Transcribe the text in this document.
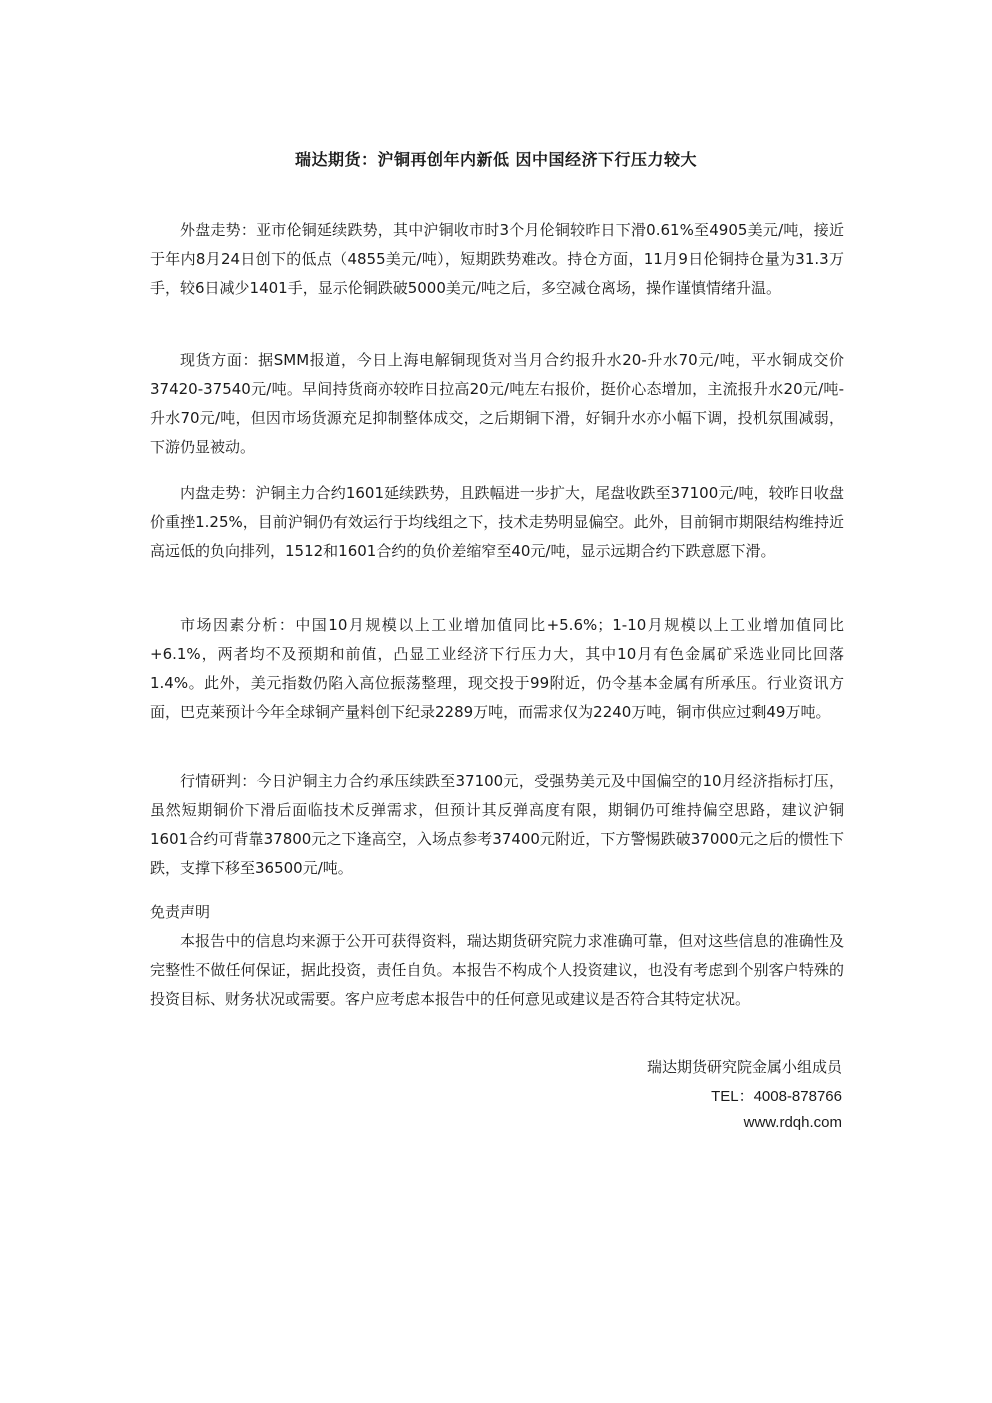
瑞达期货：沪铜再创年内新低 因中国经济下行压力较大

外盘走势：亚市伦铜延续跌势，其中沪铜收市时3个月伦铜较昨日下滑0.61%至4905美元/吨，接近于年内8月24日创下的低点（4855美元/吨），短期跌势难改。持仓方面，11月9日伦铜持仓量为31.3万手，较6日减少1401手，显示伦铜跌破5000美元/吨之后，多空减仓离场，操作谨慎情绪升温。

现货方面：据SMM报道，今日上海电解铜现货对当月合约报升水20-升水70元/吨，平水铜成交价37420-37540元/吨。早间持货商亦较昨日拉高20元/吨左右报价，挺价心态增加，主流报升水20元/吨-升水70元/吨，但因市场货源充足抑制整体成交，之后期铜下滑，好铜升水亦小幅下调，投机氛围减弱，下游仍显被动。

内盘走势：沪铜主力合约1601延续跌势，且跌幅进一步扩大，尾盘收跌至37100元/吨，较昨日收盘价重挫1.25%，目前沪铜仍有效运行于均线组之下，技术走势明显偏空。此外，目前铜市期限结构维持近高远低的负向排列，1512和1601合约的负价差缩窄至40元/吨，显示远期合约下跌意愿下滑。

市场因素分析：中国10月规模以上工业增加值同比+5.6%；1-10月规模以上工业增加值同比+6.1%，两者均不及预期和前值，凸显工业经济下行压力大，其中10月有色金属矿采选业同比回落1.4%。此外，美元指数仍陷入高位振荡整理，现交投于99附近，仍令基本金属有所承压。行业资讯方面，巴克莱预计今年全球铜产量料创下纪录2289万吨，而需求仅为2240万吨，铜市供应过剩49万吨。

行情研判：今日沪铜主力合约承压续跌至37100元，受强势美元及中国偏空的10月经济指标打压，虽然短期铜价下滑后面临技术反弹需求，但预计其反弹高度有限，期铜仍可维持偏空思路，建议沪铜1601合约可背靠37800元之下逢高空，入场点参考37400元附近，下方警惕跌破37000元之后的惯性下跌，支撑下移至36500元/吨。

免责声明

本报告中的信息均来源于公开可获得资料，瑞达期货研究院力求准确可靠，但对这些信息的准确性及完整性不做任何保证，据此投资，责任自负。本报告不构成个人投资建议，也没有考虑到个别客户特殊的投资目标、财务状况或需要。客户应考虑本报告中的任何意见或建议是否符合其特定状况。

瑞达期货研究院金属小组成员
TEL：4008-878766
www.rdqh.com
